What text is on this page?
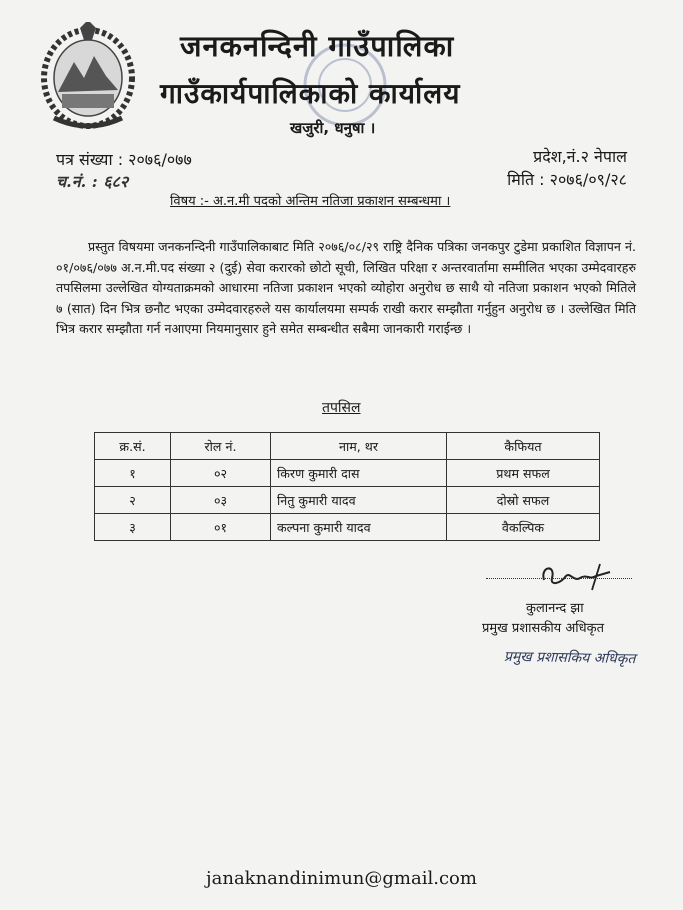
जनकनन्दिनी गाउँपालिका
गाउँकार्यपालिकाको कार्यालय
खजुरी, धनुषा ।
पत्र संख्या : २०७६/०७७
च.नं. : ६८२
प्रदेश,नं.२ नेपाल
मिति : २०७६/०९/२८
विषय :- अ.न.मी पदको अन्तिम नतिजा प्रकाशन सम्बन्धमा ।
प्रस्तुत विषयमा जनकनन्दिनी गाउँपालिकाबाट मिति २०७६/०८/२९ राष्ट्रि दैनिक पत्रिका जनकपुर टुडेमा प्रकाशित विज्ञापन नं. ०१/०७६/०७७ अ.न.मी.पद संख्या २ (दुई) सेवा करारको छोटो सूची, लिखित परिक्षा र अन्तरवार्तामा सम्मीलित भएका उम्मेदवारहरु तपसिलमा उल्लेखित योग्यताक्रमको आधारमा नतिजा प्रकाशन भएको व्योहोरा अनुरोध छ साथै यो नतिजा प्रकाशन भएको मितिले ७ (सात) दिन भित्र छनौट भएका उम्मेदवारहरुले यस कार्यालयमा सम्पर्क राखी करार सम्झौता गर्नुहुन अनुरोध छ । उल्लेखित मिति भित्र करार सम्झौता गर्न नआएमा नियमानुसार हुने समेत सम्बन्धीत सबैमा जानकारी गराईन्छ ।
तपसिल
क्र.सं.	रोल नं.	नाम, थर	कैफियत
१	०२	किरण कुमारी दास	प्रथम सफल
२	०३	नितु कुमारी यादव	दोस्रो सफल
३	०१	कल्पना कुमारी यादव	वैकल्पिक
कुलानन्द झा
प्रमुख प्रशासकीय अधिकृत
प्रमुख प्रशासकिय अधिकृत
janaknandinimun@gmail.com
